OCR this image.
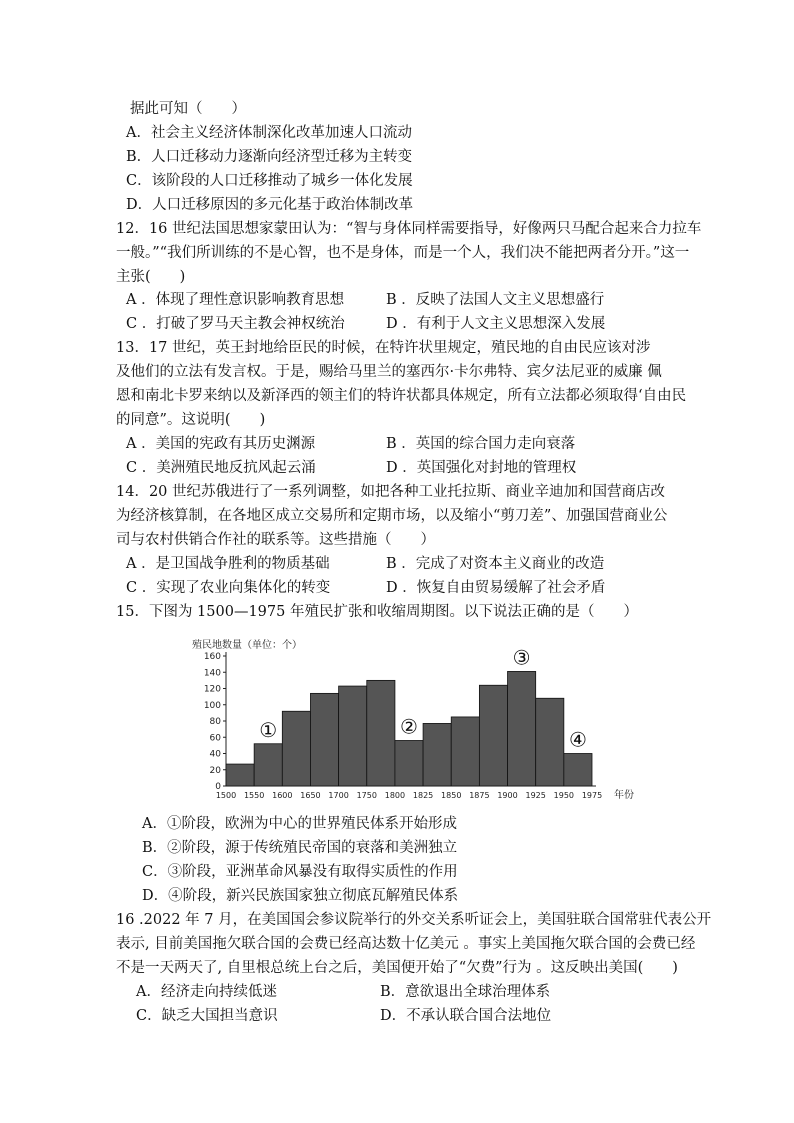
据此可知（　　）
A．社会主义经济体制深化改革加速人口流动
B．人口迁移动力逐渐向经济型迁移为主转变
C．该阶段的人口迁移推动了城乡一体化发展
D．人口迁移原因的多元化基于政治体制改革
12．16 世纪法国思想家蒙田认为：“智与身体同样需要指导，好像两只马配合起来合力拉车
一般。”“我们所训练的不是心智，也不是身体，而是一个人，我们决不能把两者分开。”这一
主张(　　)
A ．体现了理性意识影响教育思想	B ．反映了法国人文主义思想盛行
C ．打破了罗马天主教会神权统治	D ．有利于人文主义思想深入发展
13．17 世纪，英王封地给臣民的时候，在特许状里规定，殖民地的自由民应该对涉
及他们的立法有发言权。于是，赐给马里兰的塞西尔·卡尔弗特、宾夕法尼亚的威廉 佩
恩和南北卡罗来纳以及新泽西的领主们的特许状都具体规定，所有立法都必须取得‘自由民
的同意”。这说明(　　)
A ．美国的宪政有其历史渊源	B ．英国的综合国力走向衰落
C ．美洲殖民地反抗风起云涌	D ．英国强化对封地的管理权
14．20 世纪苏俄进行了一系列调整，如把各种工业托拉斯、商业辛迪加和国营商店改
为经济核算制，在各地区成立交易所和定期市场，以及缩小“剪刀差”、加强国营商业公
司与农村供销合作社的联系等。这些措施（　　）
A ．是卫国战争胜利的物质基础	B ．完成了对资本主义商业的改造
C ．实现了农业向集体化的转变	D ．恢复自由贸易缓解了社会矛盾
15．下图为 1500—1975 年殖民扩张和收缩周期图。以下说法正确的是（　　）
殖民地数量（单位：个）
0
20
40
60
80
100
120
140
160
1500 1550 1600 1650 1700 1750 1800 1825 1850 1875 1900 1925 1950 1975 年份
①	②
③
④
A．①阶段，欧洲为中心的世界殖民体系开始形成
B．②阶段，源于传统殖民帝国的衰落和美洲独立
C．③阶段，亚洲革命风暴没有取得实质性的作用
D．④阶段，新兴民族国家独立彻底瓦解殖民体系
16 .2022 年 7 月，在美国国会参议院举行的外交关系听证会上，美国驻联合国常驻代表公开
表示, 目前美国拖欠联合国的会费已经高达数十亿美元 。事实上美国拖欠联合国的会费已经
不是一天两天了, 自里根总统上台之后，美国便开始了“欠费”行为 。这反映出美国(　　)
A．经济走向持续低迷	B．意欲退出全球治理体系
C．缺乏大国担当意识	D．不承认联合国合法地位
